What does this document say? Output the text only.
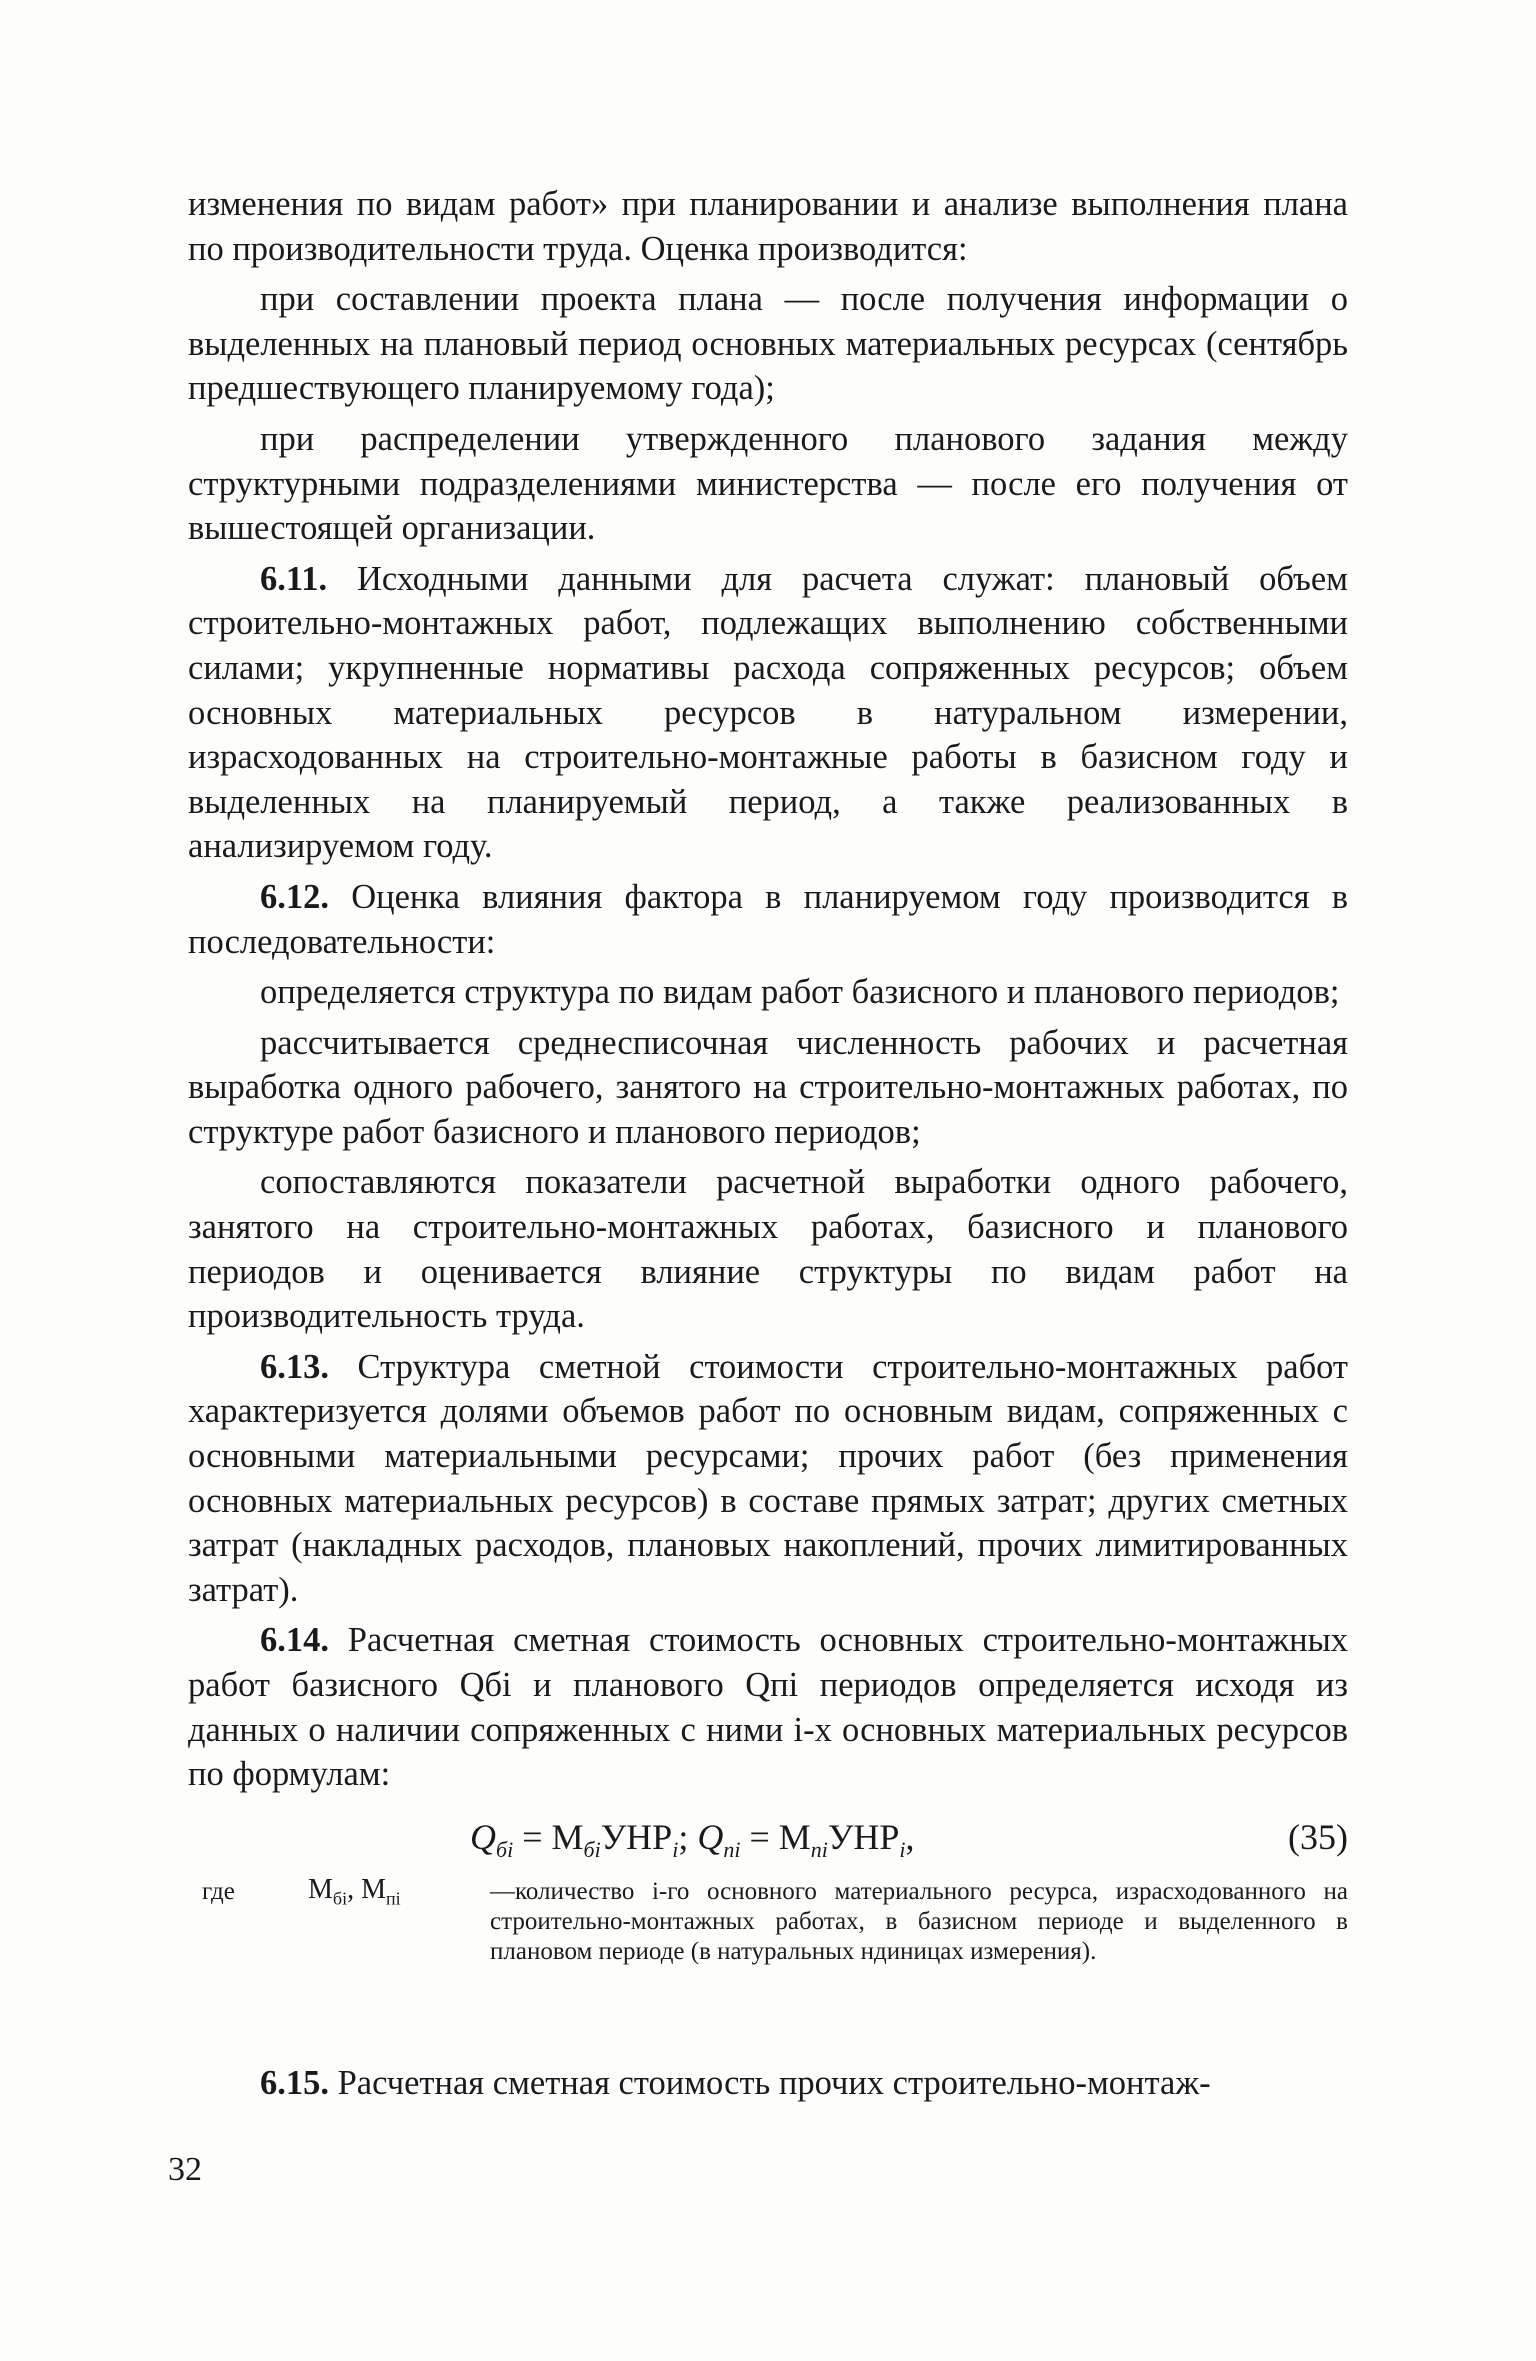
изменения по видам работ» при планировании и анализе выполнения плана по производительности труда. Оценка производится:

при составлении проекта плана — после получения информации о выделенных на плановый период основных материальных ресурсах (сентябрь предшествующего планируемому года);

при распределении утвержденного планового задания между структурными подразделениями министерства — после его получения от вышестоящей организации.

6.11. Исходными данными для расчета служат: плановый объем строительно-монтажных работ, подлежащих выполнению собственными силами; укрупненные нормативы расхода сопряженных ресурсов; объем основных материальных ресурсов в натуральном измерении, израсходованных на строительно-монтажные работы в базисном году и выделенных на планируемый период, а также реализованных в анализируемом году.

6.12. Оценка влияния фактора в планируемом году производится в последовательности:

определяется структура по видам работ базисного и планового периодов;

рассчитывается среднесписочная численность рабочих и расчетная выработка одного рабочего, занятого на строительно-монтажных работах, по структуре работ базисного и планового периодов;

сопоставляются показатели расчетной выработки одного рабочего, занятого на строительно-монтажных работах, базисного и планового периодов и оценивается влияние структуры по видам работ на производительность труда.

6.13. Структура сметной стоимости строительно-монтажных работ характеризуется долями объемов работ по основным видам, сопряженных с основными материальными ресурсами; прочих работ (без применения основных материальных ресурсов) в составе прямых затрат; других сметных затрат (накладных расходов, плановых накоплений, прочих лимитированных затрат).

6.14. Расчетная сметная стоимость основных строительно-монтажных работ базисного Qбi и планового Qпi периодов определяется исходя из данных о наличии сопряженных с ними i-х основных материальных ресурсов по формулам:

$Q_{бi} = М_{бi}УНР_i$; $Q_{пi} = М_{пi}УНР_i$,	(35)
где	$М_{бi}$, $М_{пi}$	—количество i-го основного материального ресурса, израсходованного на строительно-монтажных работах, в базисном периоде и выделенного в плановом периоде (в натуральных ндиницах измерения).

6.15. Расчетная сметная стоимость прочих строительно-монтаж-

32
